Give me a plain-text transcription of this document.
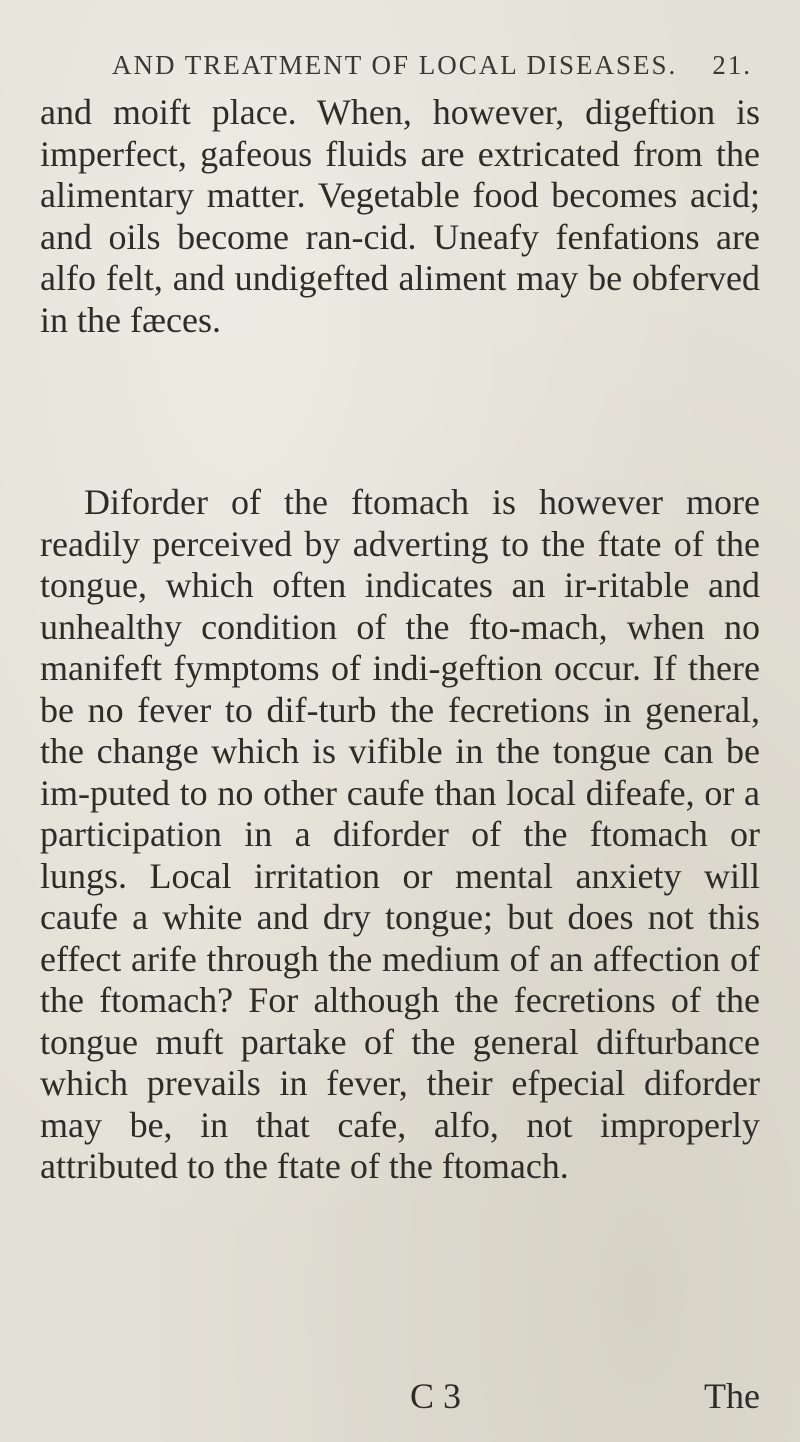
AND TREATMENT OF LOCAL DISEASES. 21.
and moift place. When, however, digeftion is imperfect, gafeous fluids are extricated from the alimentary matter. Vegetable food becomes acid; and oils become ran-cid. Uneafy fenfations are alfo felt, and undigefted aliment may be obferved in the fæces.
Diforder of the ftomach is however more readily perceived by adverting to the ftate of the tongue, which often indicates an ir-ritable and unhealthy condition of the fto-mach, when no manifeft fymptoms of indi-geftion occur. If there be no fever to dif-turb the fecretions in general, the change which is vifible in the tongue can be im-puted to no other caufe than local difeafe, or a participation in a diforder of the ftomach or lungs. Local irritation or mental anxiety will caufe a white and dry tongue; but does not this effect arife through the medium of an affection of the ftomach? For although the fecretions of the tongue muft partake of the general difturbance which prevails in fever, their efpecial diforder may be, in that cafe, alfo, not improperly attributed to the ftate of the ftomach.
C 3	The
